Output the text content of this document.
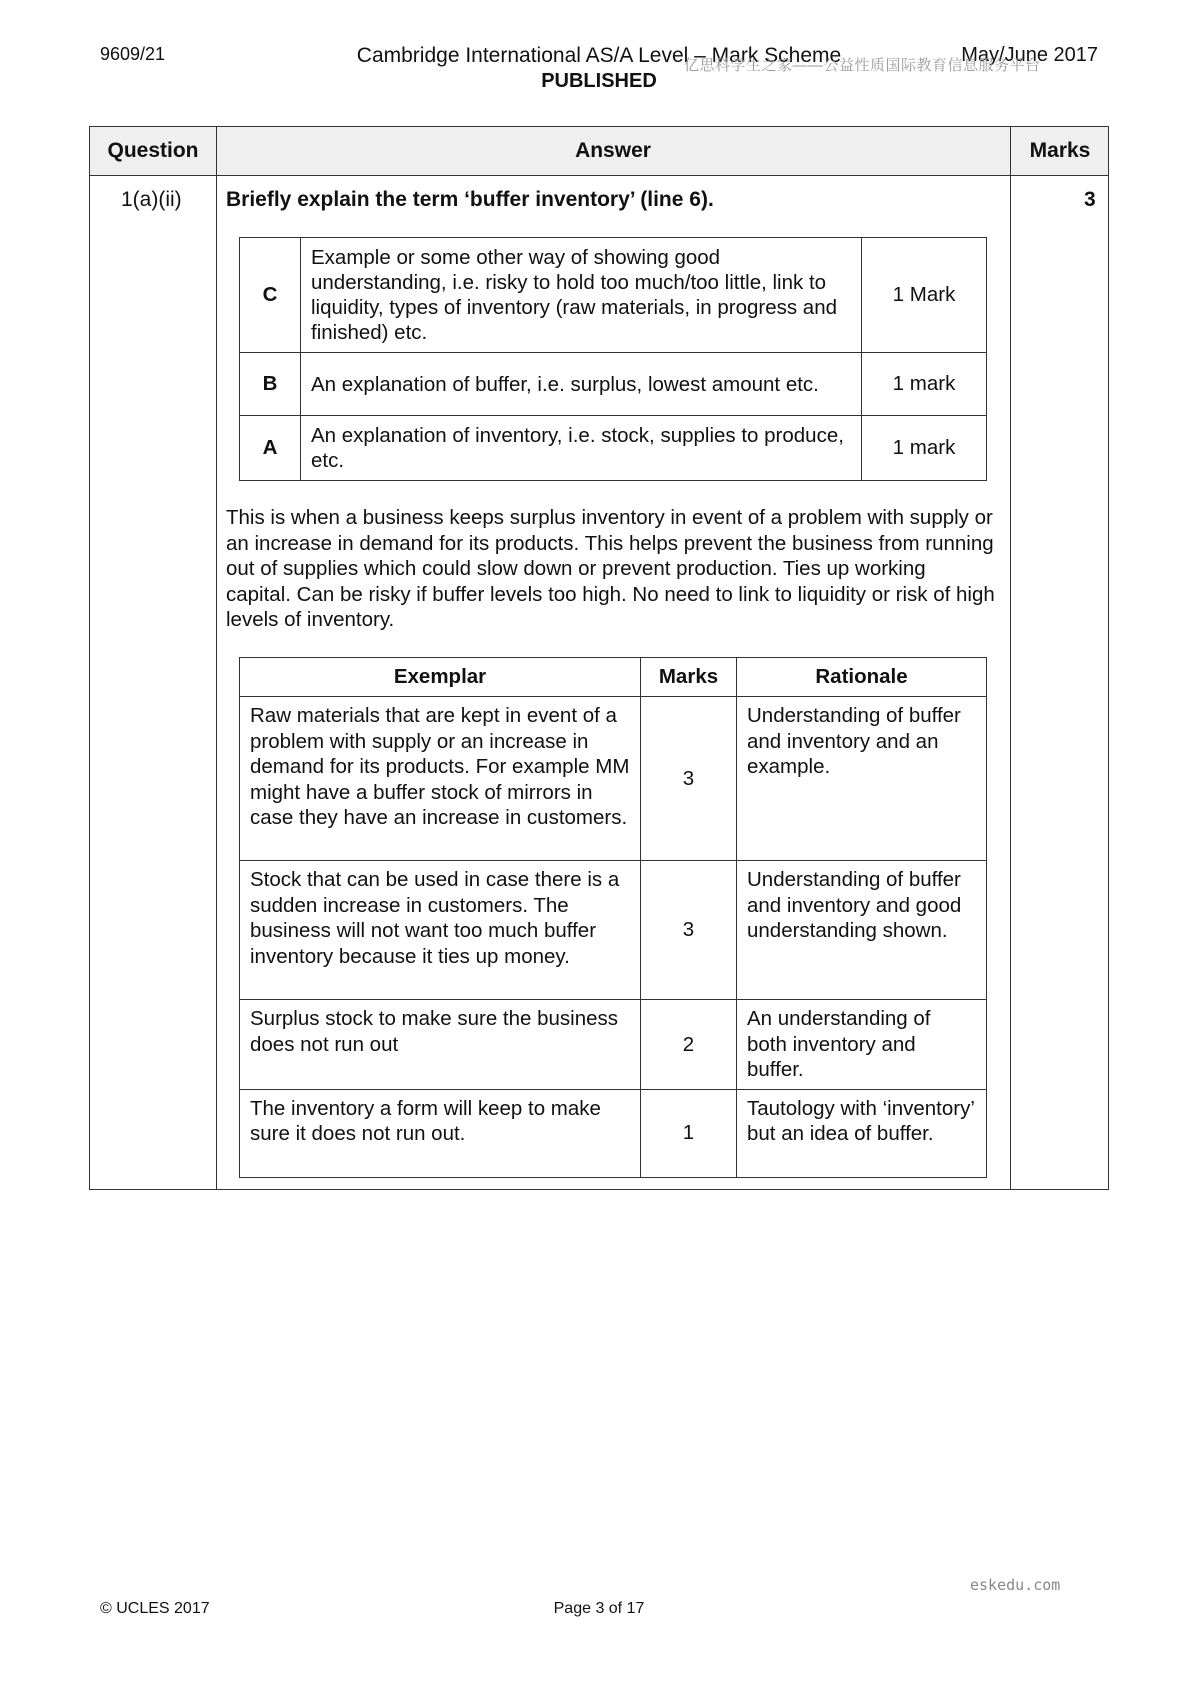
9609/21	Cambridge International AS/A Level – Mark Scheme	May/June 2017
PUBLISHED
亿思科学生之家——公益性质国际教育信息服务平台
Question	Answer	Marks
1(a)(ii) Briefly explain the term ‘buffer inventory’ (line 6).	3
C	Example or some other way of showing good understanding, i.e. risky to hold too much/too little, link to liquidity, types of inventory (raw materials, in progress and finished) etc.	1 Mark
B	An explanation of buffer, i.e. surplus, lowest amount etc.	1 mark
A	An explanation of inventory, i.e. stock, supplies to produce, etc.	1 mark
This is when a business keeps surplus inventory in event of a problem with supply or an increase in demand for its products. This helps prevent the business from running out of supplies which could slow down or prevent production. Ties up working capital. Can be risky if buffer levels too high. No need to link to liquidity or risk of high levels of inventory.
Exemplar	Marks	Rationale
Raw materials that are kept in event of a problem with supply or an increase in demand for its products. For example MM might have a buffer stock of mirrors in case they have an increase in customers.	3	Understanding of buffer and inventory and an example.
Stock that can be used in case there is a sudden increase in customers. The business will not want too much buffer inventory because it ties up money.	3	Understanding of buffer and inventory and good understanding shown.
Surplus stock to make sure the business does not run out	2	An understanding of both inventory and buffer.
The inventory a form will keep to make sure it does not run out.	1	Tautology with ‘inventory’ but an idea of buffer.
eskedu.com
© UCLES 2017	Page 3 of 17
